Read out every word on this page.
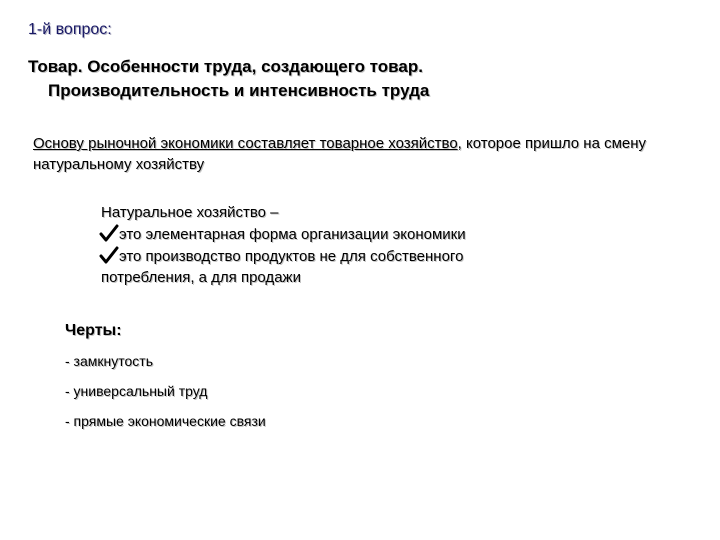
1-й вопрос:
Товар. Особенности труда, создающего товар.
Производительность и интенсивность труда
Основу рыночной экономики составляет товарное хозяйство, которое пришло на смену натуральному хозяйству
Натуральное хозяйство –
это элементарная форма организации экономики
это производство продуктов не для собственного
потребления, а для продажи
Черты:
- замкнутость
- универсальный труд
- прямые экономические связи
